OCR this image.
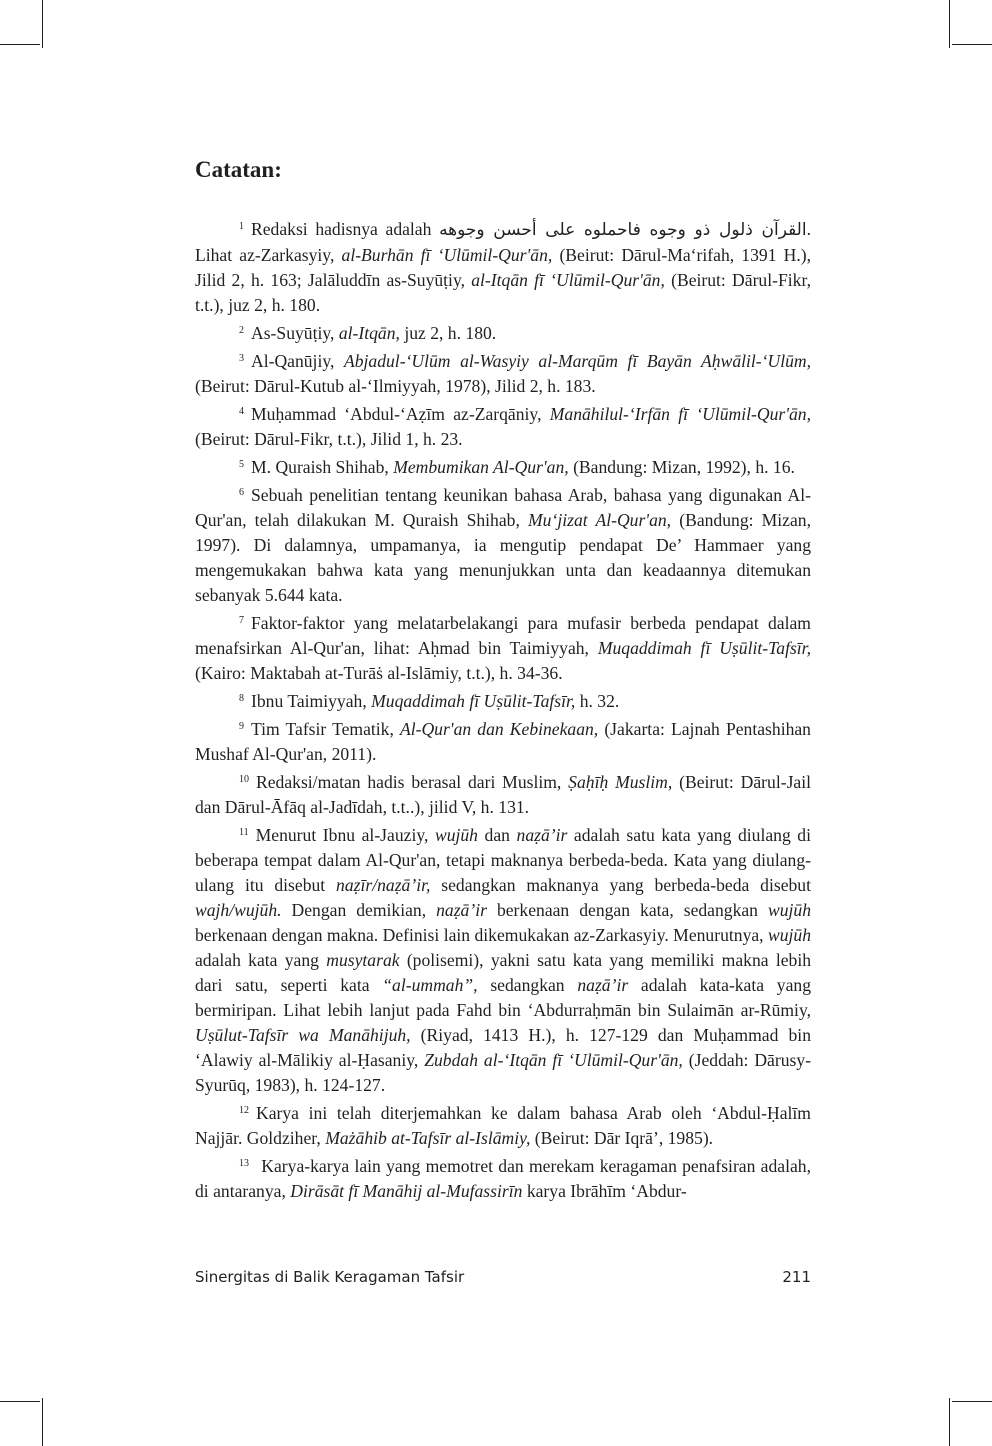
Catatan:

$^1$ Redaksi hadisnya adalah القرآن ذلول ذو وجوه فاحملوه على أحسن وجوهه. Lihat az-Zarkasyiy, al-Burhān fī ‘Ulūmil-Qur'ān, (Beirut: Dārul-Ma‘rifah, 1391 H.), Jilid 2, h. 163; Jalāluddīn as-Suyūṭiy, al-Itqān fī ‘Ulūmil-Qur'ān, (Beirut: Dārul-Fikr, t.t.), juz 2, h. 180.

$^2$ As-Suyūṭiy, al-Itqān, juz 2, h. 180.

$^3$ Al-Qanūjiy, Abjadul-‘Ulūm al-Wasyiy al-Marqūm fī Bayān Aḥwālil-‘Ulūm, (Beirut: Dārul-Kutub al-‘Ilmiyyah, 1978), Jilid 2, h. 183.

$^4$ Muḥammad ‘Abdul-‘Aẓīm az-Zarqāniy, Manāhilul-‘Irfān fī ‘Ulūmil-Qur'ān, (Beirut: Dārul-Fikr, t.t.), Jilid 1, h. 23.

$^5$ M. Quraish Shihab, Membumikan Al-Qur'an, (Bandung: Mizan, 1992), h. 16.

$^6$ Sebuah penelitian tentang keunikan bahasa Arab, bahasa yang digunakan Al-Qur'an, telah dilakukan M. Quraish Shihab, Mu‘jizat Al-Qur'an, (Bandung: Mizan, 1997). Di dalamnya, umpamanya, ia mengutip pendapat De’ Hammaer yang mengemukakan bahwa kata yang menunjukkan unta dan keadaannya ditemukan sebanyak 5.644 kata.

$^7$ Faktor-faktor yang melatarbelakangi para mufasir berbeda pendapat dalam menafsirkan Al-Qur'an, lihat: Aḥmad bin Taimiyyah, Muqaddimah fī Uṣūlit-Tafsīr, (Kairo: Maktabah at-Turāṡ al-Islāmiy, t.t.), h. 34-36.

$^8$ Ibnu Taimiyyah, Muqaddimah fī Uṣūlit-Tafsīr, h. 32.

$^9$ Tim Tafsir Tematik, Al-Qur'an dan Kebinekaan, (Jakarta: Lajnah Pentashihan Mushaf Al-Qur'an, 2011).

$^{10}$ Redaksi/matan hadis berasal dari Muslim, Ṣaḥīḥ Muslim, (Beirut: Dārul-Jail dan Dārul-Āfāq al-Jadīdah, t.t..), jilid V, h. 131.

$^{11}$ Menurut Ibnu al-Jauziy, wujūh dan naẓā’ir adalah satu kata yang diulang di beberapa tempat dalam Al-Qur'an, tetapi maknanya berbeda-beda. Kata yang diulang-ulang itu disebut naẓīr/naẓā’ir, sedangkan maknanya yang berbeda-beda disebut wajh/wujūh. Dengan demikian, naẓā’ir berkenaan dengan kata, sedangkan wujūh berkenaan dengan makna. Definisi lain dikemukakan az-Zarkasyiy. Menurutnya, wujūh adalah kata yang musytarak (polisemi), yakni satu kata yang memiliki makna lebih dari satu, seperti kata “al-ummah”, sedangkan naẓā’ir adalah kata-kata yang bermiripan. Lihat lebih lanjut pada Fahd bin ‘Abdurraḥmān bin Sulaimān ar-Rūmiy, Uṣūlut-Tafsīr wa Manāhijuh, (Riyad, 1413 H.), h. 127-129 dan Muḥammad bin ‘Alawiy al-Mālikiy al-Ḥasaniy, Zubdah al-‘Itqān fī ‘Ulūmil-Qur'ān, (Jeddah: Dārusy-Syurūq, 1983), h. 124-127.

$^{12}$ Karya ini telah diterjemahkan ke dalam bahasa Arab oleh ‘Abdul-Ḥalīm Najjār. Goldziher, Mażāhib at-Tafsīr al-Islāmiy, (Beirut: Dār Iqrā’, 1985).

$^{13}$ Karya-karya lain yang memotret dan merekam keragaman penafsiran adalah, di antaranya, Dirāsāt fī Manāhij al-Mufassirīn karya Ibrāhīm ‘Abdur-

Sinergitas di Balik Keragaman Tafsir	211
